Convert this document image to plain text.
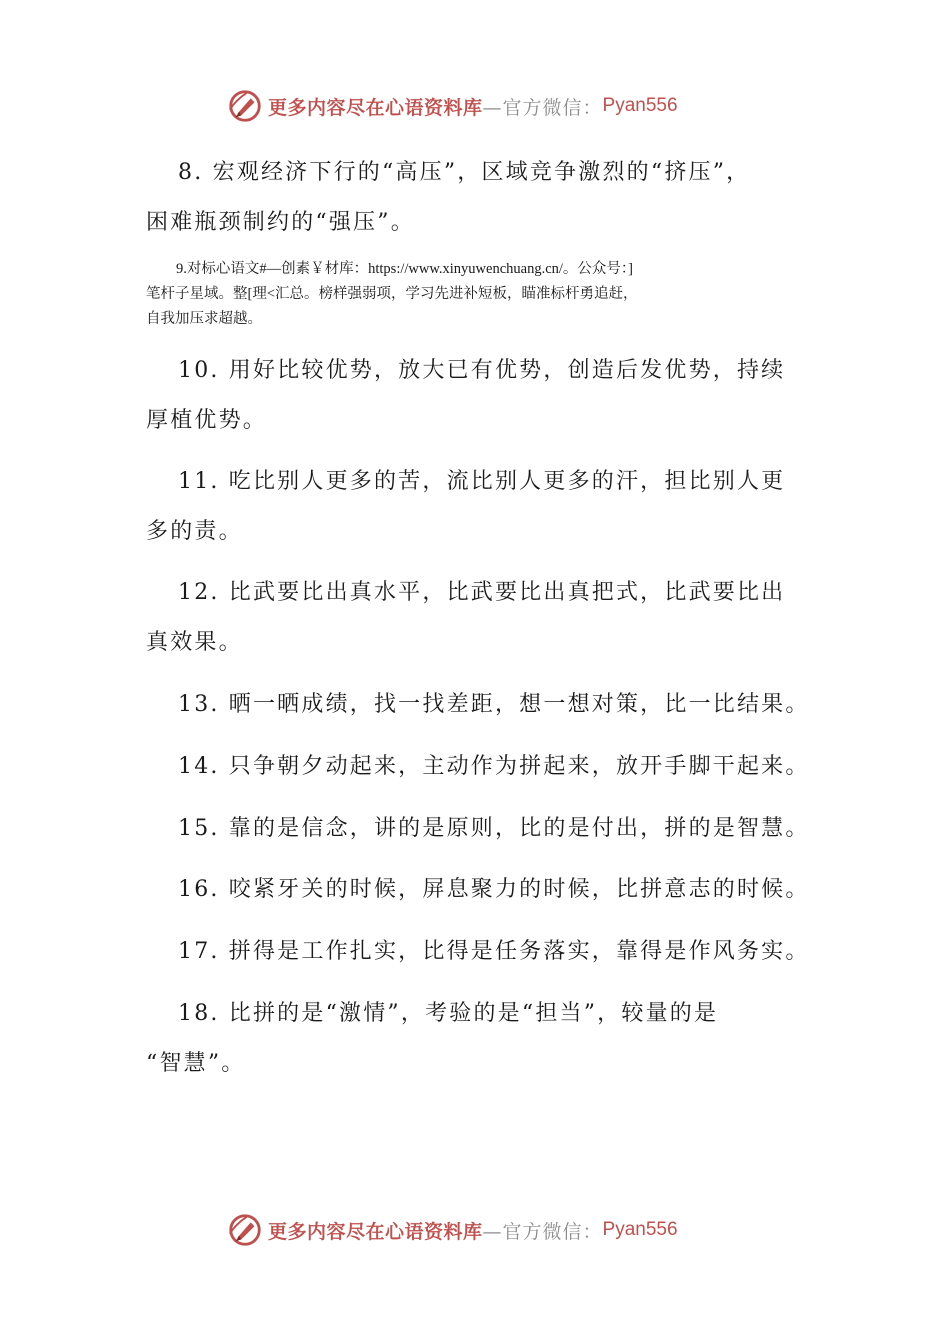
更多内容尽在心语资料库 —官方微信： Pyan556
8. 宏观经济下行的“高压”，区域竞争激烈的“挤压”，
困难瓶颈制约的“强压”。
9.对标心语文#—创素￥材库：https://www.xinyuwenchuang.cn/。公众号：]
笔杆子星域。整[理<汇总。榜样强弱项，学习先进补短板，瞄准标杆勇追赶，
自我加压求超越。
10. 用好比较优势，放大已有优势，创造后发优势，持续
厚植优势。
11. 吃比别人更多的苦，流比别人更多的汗，担比别人更
多的责。
12. 比武要比出真水平，比武要比出真把式，比武要比出
真效果。
13. 晒一晒成绩，找一找差距，想一想对策，比一比结果。
14. 只争朝夕动起来，主动作为拼起来，放开手脚干起来。
15. 靠的是信念，讲的是原则，比的是付出，拼的是智慧。
16. 咬紧牙关的时候，屏息聚力的时候，比拼意志的时候。
17. 拼得是工作扎实，比得是任务落实，靠得是作风务实。
18. 比拼的是“激情”，考验的是“担当”，较量的是
“智慧”。
更多内容尽在心语资料库 —官方微信： Pyan556
